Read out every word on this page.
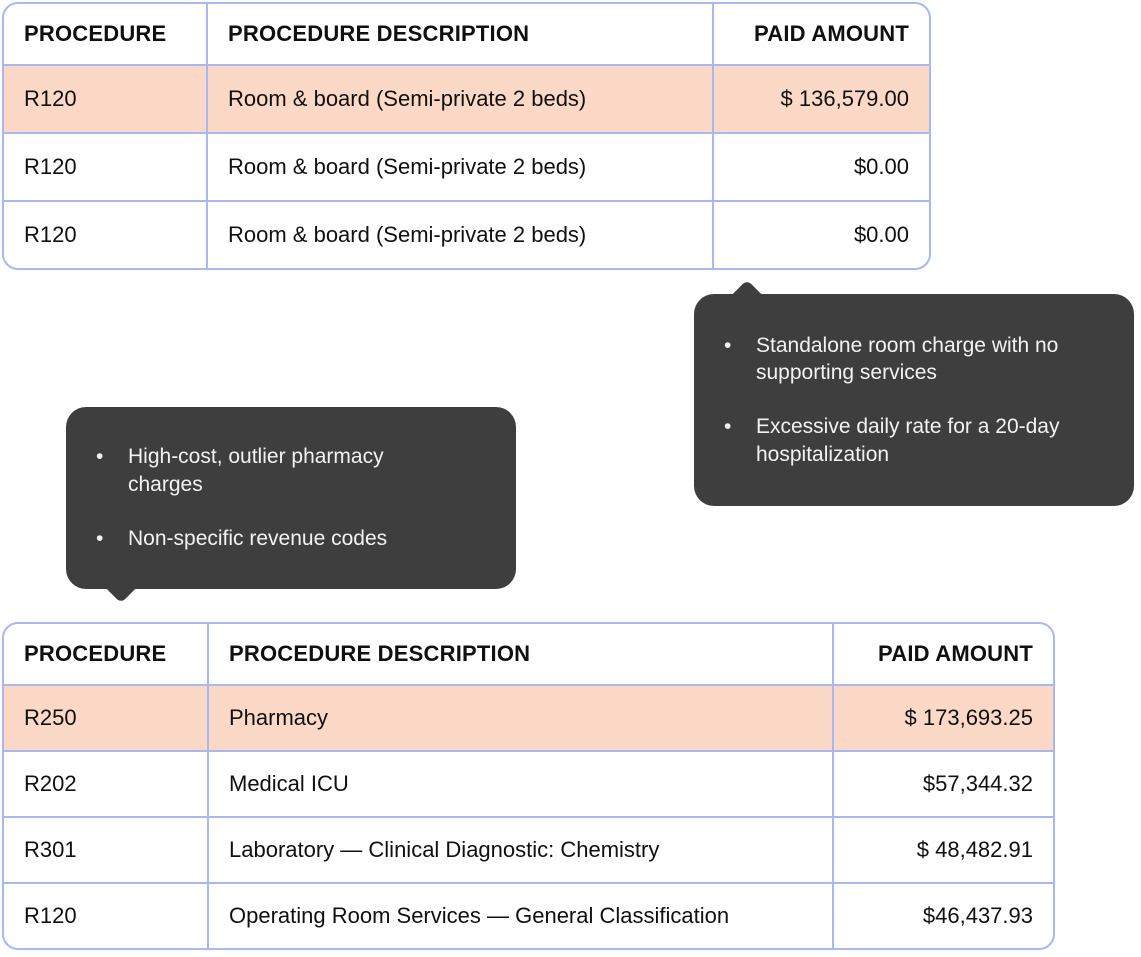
PROCEDURE	PROCEDURE DESCRIPTION	PAID AMOUNT
R120	Room & board (Semi-private 2 beds)	$ 136,579.00
R120	Room & board (Semi-private 2 beds)	$0.00
R120	Room & board (Semi-private 2 beds)	$0.00
• Standalone room charge with no supporting services
• Excessive daily rate for a 20-day hospitalization
• High-cost, outlier pharmacy charges
• Non-specific revenue codes
PROCEDURE	PROCEDURE DESCRIPTION	PAID AMOUNT
R250	Pharmacy	$ 173,693.25
R202	Medical ICU	$57,344.32
R301	Laboratory — Clinical Diagnostic: Chemistry	$ 48,482.91
R120	Operating Room Services — General Classification	$46,437.93
